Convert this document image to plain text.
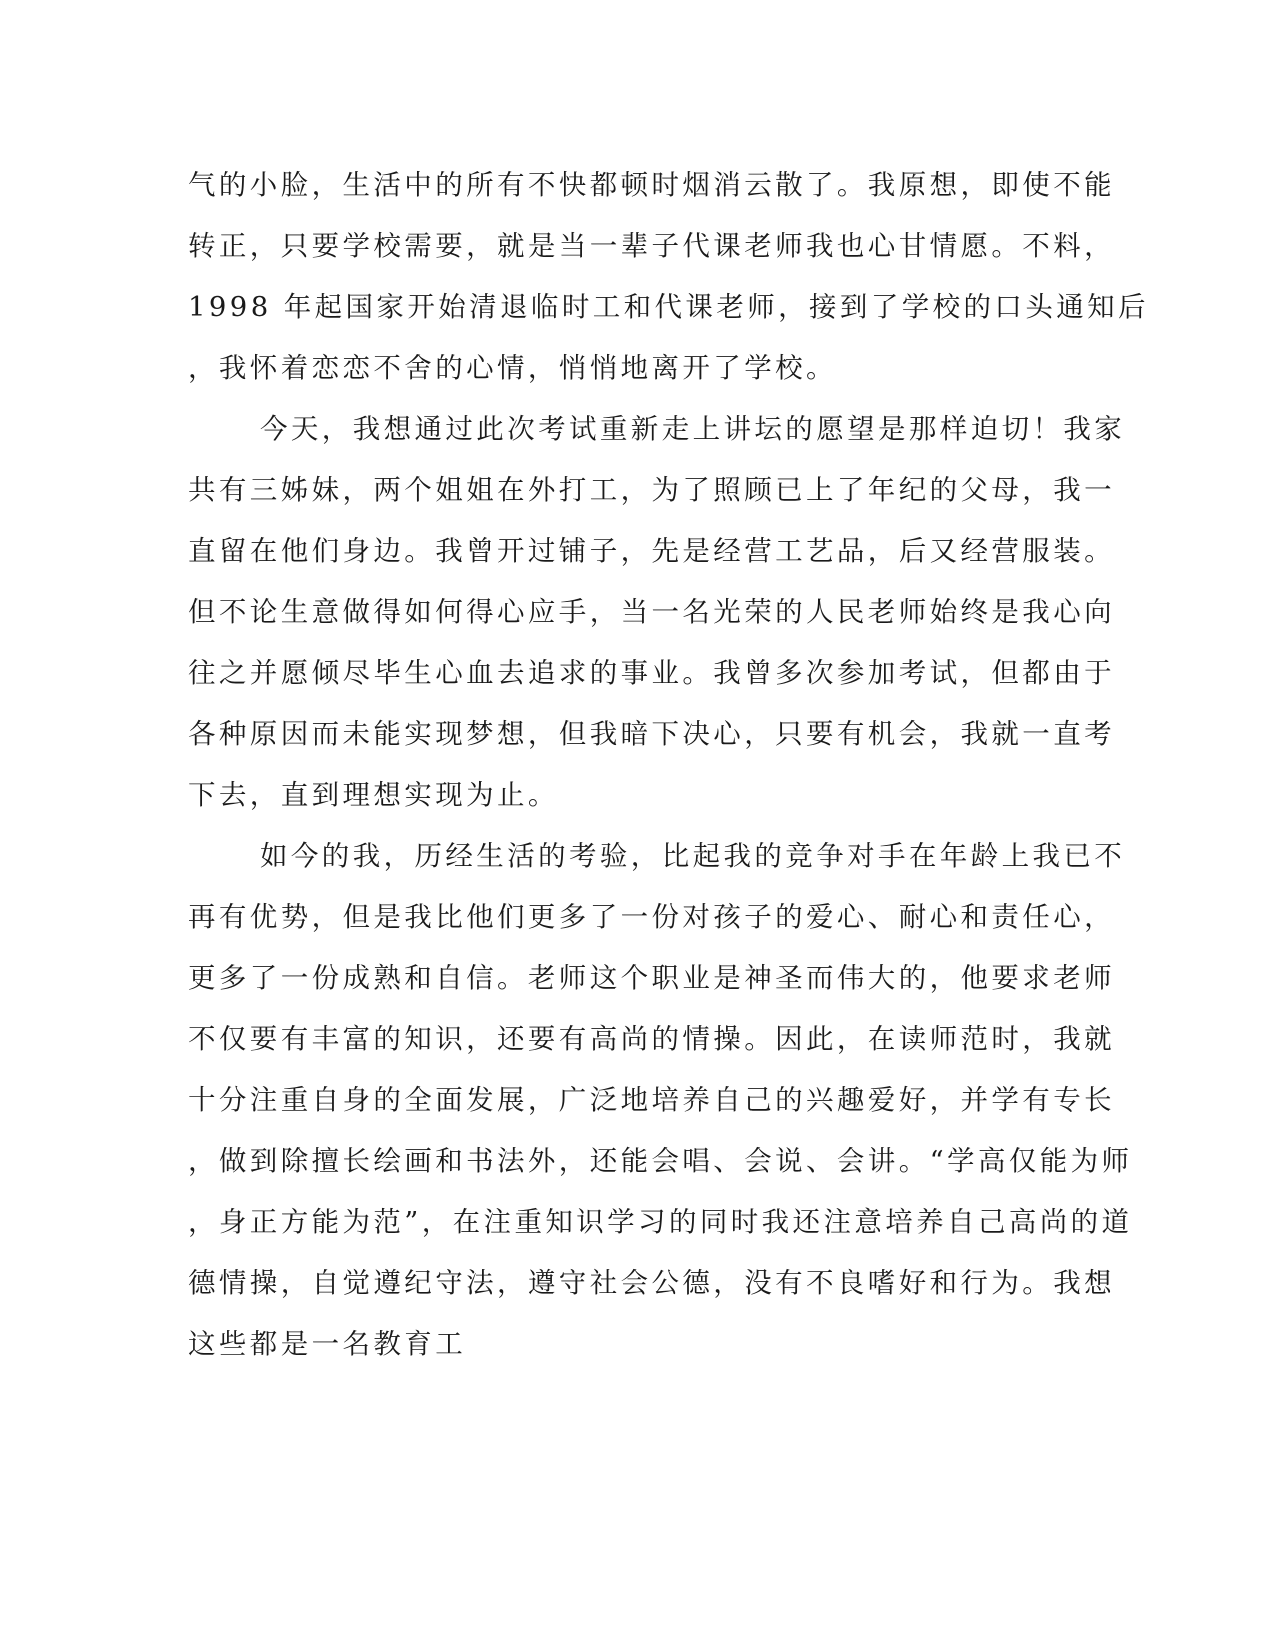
气的小脸，生活中的所有不快都顿时烟消云散了。我原想，即使不能
转正，只要学校需要，就是当一辈子代课老师我也心甘情愿。不料，
1998 年起国家开始清退临时工和代课老师，接到了学校的口头通知后
，我怀着恋恋不舍的心情，悄悄地离开了学校。
今天，我想通过此次考试重新走上讲坛的愿望是那样迫切！我家
共有三姊妹，两个姐姐在外打工，为了照顾已上了年纪的父母，我一
直留在他们身边。我曾开过铺子，先是经营工艺品，后又经营服装。
但不论生意做得如何得心应手，当一名光荣的人民老师始终是我心向
往之并愿倾尽毕生心血去追求的事业。我曾多次参加考试，但都由于
各种原因而未能实现梦想，但我暗下决心，只要有机会，我就一直考
下去，直到理想实现为止。
如今的我，历经生活的考验，比起我的竞争对手在年龄上我已不
再有优势，但是我比他们更多了一份对孩子的爱心、耐心和责任心，
更多了一份成熟和自信。老师这个职业是神圣而伟大的，他要求老师
不仅要有丰富的知识，还要有高尚的情操。因此，在读师范时，我就
十分注重自身的全面发展，广泛地培养自己的兴趣爱好，并学有专长
，做到除擅长绘画和书法外，还能会唱、会说、会讲。“学高仅能为师
，身正方能为范”，在注重知识学习的同时我还注意培养自己高尚的道
德情操，自觉遵纪守法，遵守社会公德，没有不良嗜好和行为。我想
这些都是一名教育工
